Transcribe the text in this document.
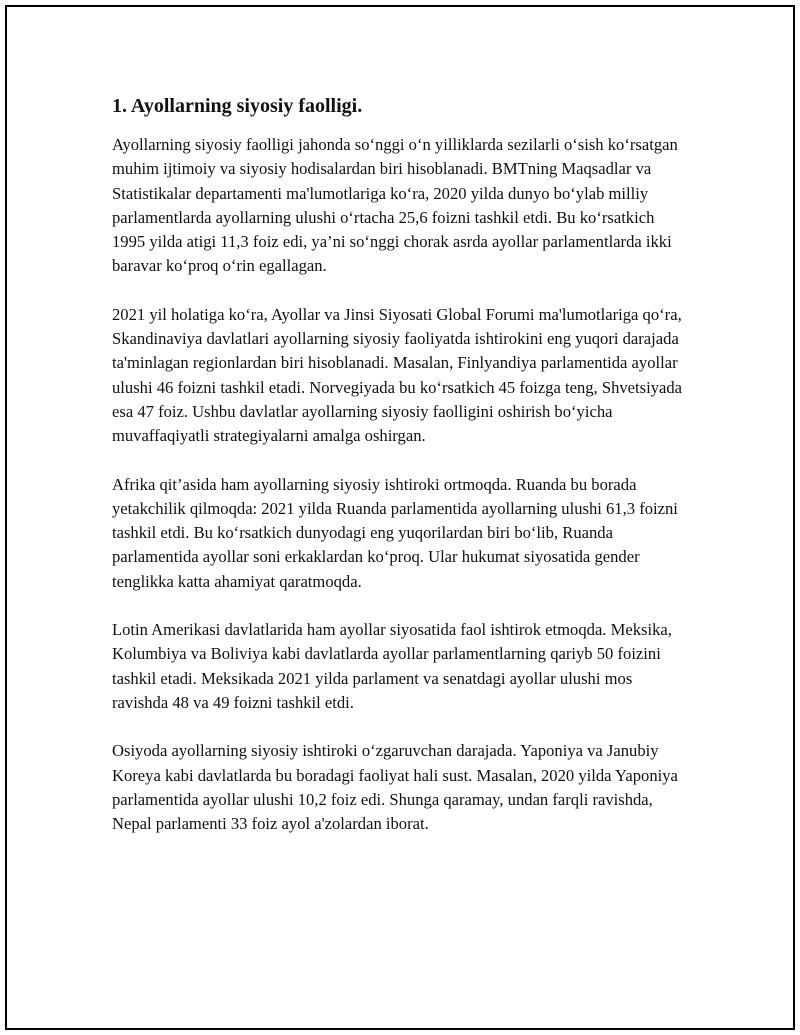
1. Ayollarning siyosiy faolligi.

Ayollarning siyosiy faolligi jahonda so‘nggi o‘n yilliklarda sezilarli o‘sish ko‘rsatgan muhim ijtimoiy va siyosiy hodisalardan biri hisoblanadi. BMTning Maqsadlar va Statistikalar departamenti ma'lumotlariga ko‘ra, 2020 yilda dunyo bo‘ylab milliy parlamentlarda ayollarning ulushi o‘rtacha 25,6 foizni tashkil etdi. Bu ko‘rsatkich 1995 yilda atigi 11,3 foiz edi, ya’ni so‘nggi chorak asrda ayollar parlamentlarda ikki baravar ko‘proq o‘rin egallagan.

2021 yil holatiga ko‘ra, Ayollar va Jinsi Siyosati Global Forumi ma'lumotlariga qo‘ra, Skandinaviya davlatlari ayollarning siyosiy faoliyatda ishtirokini eng yuqori darajada ta'minlagan regionlardan biri hisoblanadi. Masalan, Finlyandiya parlamentida ayollar ulushi 46 foizni tashkil etadi. Norvegiyada bu ko‘rsatkich 45 foizga teng, Shvetsiyada esa 47 foiz. Ushbu davlatlar ayollarning siyosiy faolligini oshirish bo‘yicha muvaffaqiyatli strategiyalarni amalga oshirgan.

Afrika qit’asida ham ayollarning siyosiy ishtiroki ortmoqda. Ruanda bu borada yetakchilik qilmoqda: 2021 yilda Ruanda parlamentida ayollarning ulushi 61,3 foizni tashkil etdi. Bu ko‘rsatkich dunyodagi eng yuqorilardan biri bo‘lib, Ruanda parlamentida ayollar soni erkaklardan ko‘proq. Ular hukumat siyosatida gender tenglikka katta ahamiyat qaratmoqda.

Lotin Amerikasi davlatlarida ham ayollar siyosatida faol ishtirok etmoqda. Meksika, Kolumbiya va Boliviya kabi davlatlarda ayollar parlamentlarning qariyb 50 foizini tashkil etadi. Meksikada 2021 yilda parlament va senatdagi ayollar ulushi mos ravishda 48 va 49 foizni tashkil etdi.

Osiyoda ayollarning siyosiy ishtiroki o‘zgaruvchan darajada. Yaponiya va Janubiy Koreya kabi davlatlarda bu boradagi faoliyat hali sust. Masalan, 2020 yilda Yaponiya parlamentida ayollar ulushi 10,2 foiz edi. Shunga qaramay, undan farqli ravishda, Nepal parlamenti 33 foiz ayol a'zolardan iborat.
